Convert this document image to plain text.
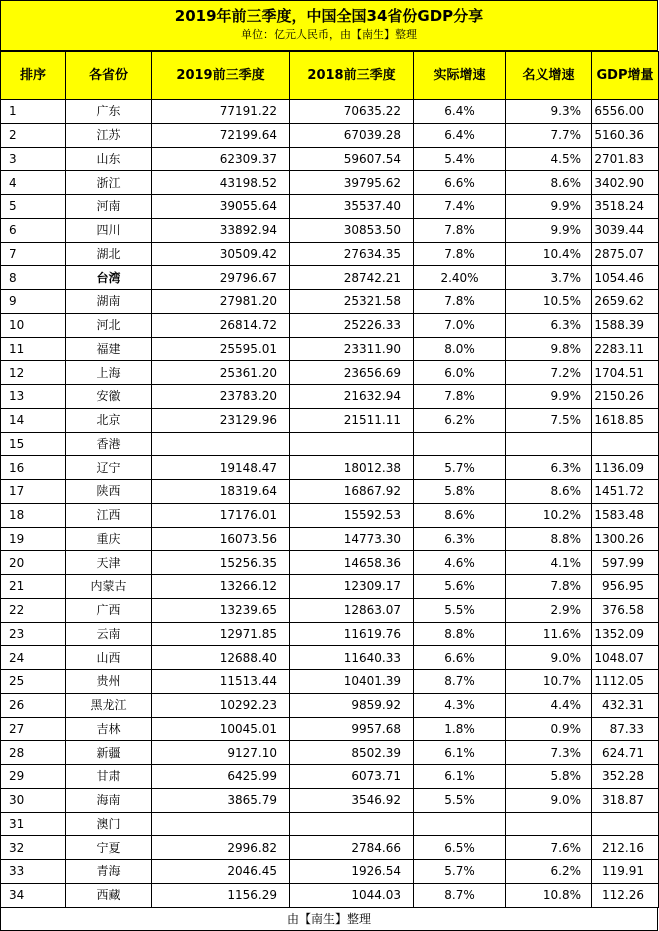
2019年前三季度，中国全国34省份GDP分享
单位：亿元人民币，由【南生】整理
排序	各省份	2019前三季度	2018前三季度	实际增速	名义增速	GDP增量
1	广东	77191.22	70635.22	6.4%	9.3%	6556.00
2	江苏	72199.64	67039.28	6.4%	7.7%	5160.36
3	山东	62309.37	59607.54	5.4%	4.5%	2701.83
4	浙江	43198.52	39795.62	6.6%	8.6%	3402.90
5	河南	39055.64	35537.40	7.4%	9.9%	3518.24
6	四川	33892.94	30853.50	7.8%	9.9%	3039.44
7	湖北	30509.42	27634.35	7.8%	10.4%	2875.07
8	台湾	29796.67	28742.21	2.40%	3.7%	1054.46
9	湖南	27981.20	25321.58	7.8%	10.5%	2659.62
10	河北	26814.72	25226.33	7.0%	6.3%	1588.39
11	福建	25595.01	23311.90	8.0%	9.8%	2283.11
12	上海	25361.20	23656.69	6.0%	7.2%	1704.51
13	安徽	23783.20	21632.94	7.8%	9.9%	2150.26
14	北京	23129.96	21511.11	6.2%	7.5%	1618.85
15	香港					
16	辽宁	19148.47	18012.38	5.7%	6.3%	1136.09
17	陕西	18319.64	16867.92	5.8%	8.6%	1451.72
18	江西	17176.01	15592.53	8.6%	10.2%	1583.48
19	重庆	16073.56	14773.30	6.3%	8.8%	1300.26
20	天津	15256.35	14658.36	4.6%	4.1%	597.99
21	内蒙古	13266.12	12309.17	5.6%	7.8%	956.95
22	广西	13239.65	12863.07	5.5%	2.9%	376.58
23	云南	12971.85	11619.76	8.8%	11.6%	1352.09
24	山西	12688.40	11640.33	6.6%	9.0%	1048.07
25	贵州	11513.44	10401.39	8.7%	10.7%	1112.05
26	黑龙江	10292.23	9859.92	4.3%	4.4%	432.31
27	吉林	10045.01	9957.68	1.8%	0.9%	87.33
28	新疆	9127.10	8502.39	6.1%	7.3%	624.71
29	甘肃	6425.99	6073.71	6.1%	5.8%	352.28
30	海南	3865.79	3546.92	5.5%	9.0%	318.87
31	澳门					
32	宁夏	2996.82	2784.66	6.5%	7.6%	212.16
33	青海	2046.45	1926.54	5.7%	6.2%	119.91
34	西藏	1156.29	1044.03	8.7%	10.8%	112.26
由【南生】整理
